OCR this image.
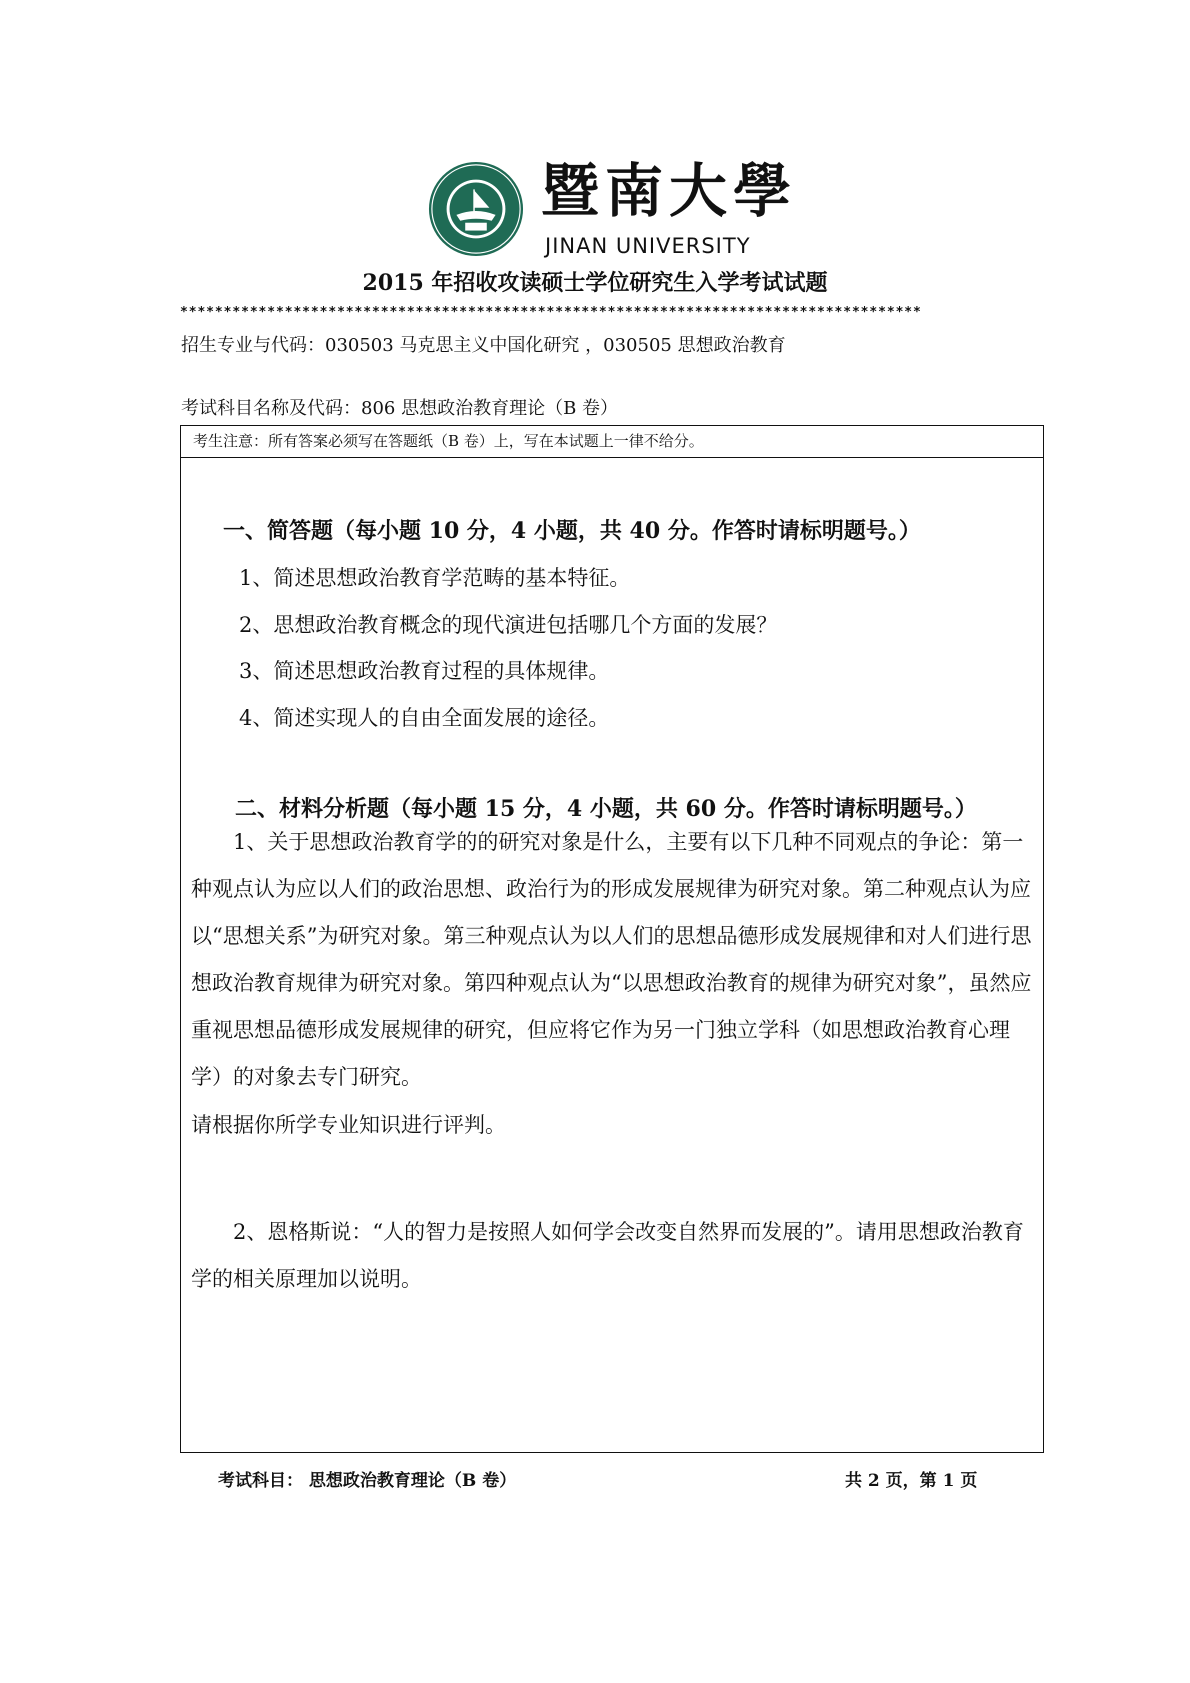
暨南大學
JINAN UNIVERSITY
2015 年招收攻读硕士学位研究生入学考试试题
*************************************************************************************
招生专业与代码：030503 马克思主义中国化研究 ，030505 思想政治教育
考试科目名称及代码：806 思想政治教育理论（B 卷）
考生注意：所有答案必须写在答题纸（B 卷）上，写在本试题上一律不给分。
一、简答题（每小题 10 分，4 小题，共 40 分。作答时请标明题号。）
1、简述思想政治教育学范畴的基本特征。
2、思想政治教育概念的现代演进包括哪几个方面的发展？
3、简述思想政治教育过程的具体规律。
4、简述实现人的自由全面发展的途径。
二、材料分析题（每小题 15 分，4 小题，共 60 分。作答时请标明题号。）
1、关于思想政治教育学的的研究对象是什么，主要有以下几种不同观点的争论：第一种观点认为应以人们的政治思想、政治行为的形成发展规律为研究对象。第二种观点认为应以“思想关系”为研究对象。第三种观点认为以人们的思想品德形成发展规律和对人们进行思想政治教育规律为研究对象。第四种观点认为“以思想政治教育的规律为研究对象”，虽然应重视思想品德形成发展规律的研究，但应将它作为另一门独立学科（如思想政治教育心理学）的对象去专门研究。
请根据你所学专业知识进行评判。
2、恩格斯说：“人的智力是按照人如何学会改变自然界而发展的”。请用思想政治教育学的相关原理加以说明。
考试科目： 思想政治教育理论（B 卷）	共 2 页，第 1 页
